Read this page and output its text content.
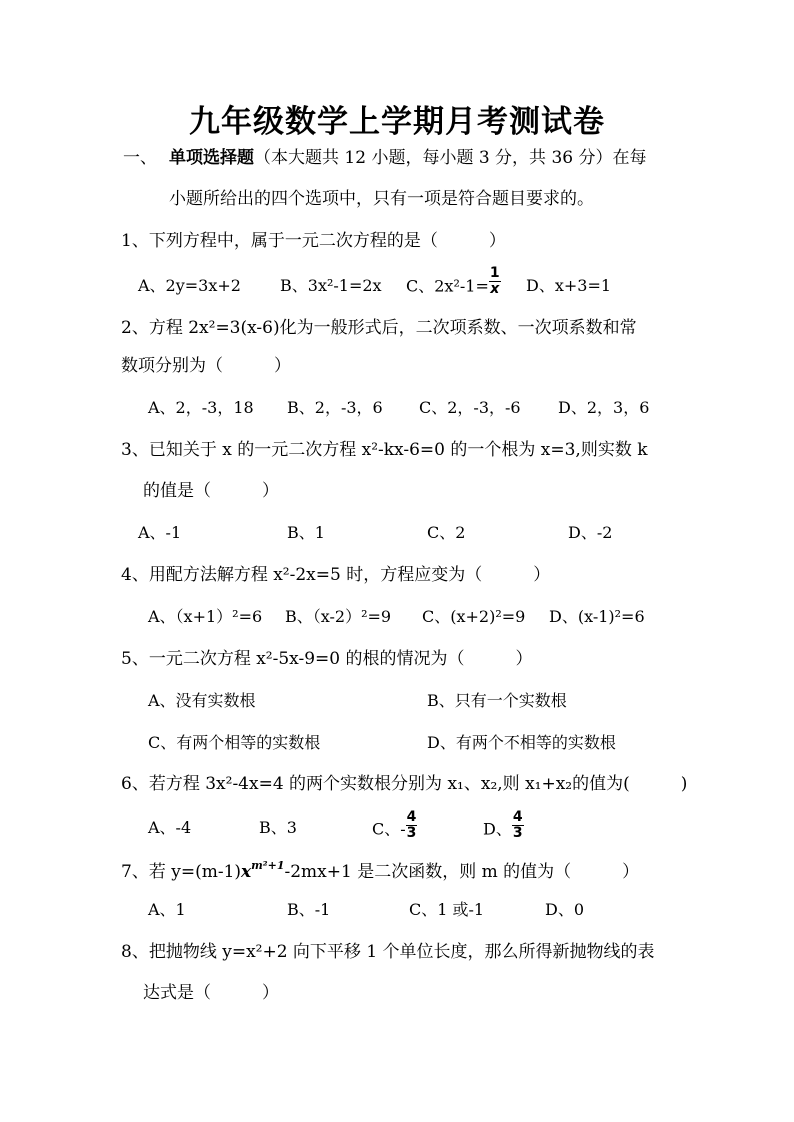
九年级数学上学期月考测试卷
一、 单项选择题（本大题共 12 小题，每小题 3 分，共 36 分）在每
小题所给出的四个选项中，只有一项是符合题目要求的。
1、下列方程中，属于一元二次方程的是（　　　）
A、2y=3x+2 B、3x²-1=2x C、$2x^2-1= \frac{1}{x}$ D、x+3=1
2、方程 2x²=3(x-6)化为一般形式后，二次项系数、一次项系数和常
数项分别为（　　　）
A、2，-3，18 B、2，-3，6 C、2，-3，-6 D、2，3，6
3、已知关于 x 的一元二次方程 x²-kx-6=0 的一个根为 x=3,则实数 k
的值是（　　　）
A、-1	B、1	C、2	D、-2
4、用配方法解方程 x²-2x=5 时，方程应变为（　　　）
A、（x+1）²=6 B、（x-2）²=9 C、(x+2)²=9 D、(x-1)²=6
5、一元二次方程 x²-5x-9=0 的根的情况为（　　　）
A、没有实数根	B、只有一个实数根
C、有两个相等的实数根	D、有两个不相等的实数根
6、若方程 3x²-4x=4 的两个实数根分别为 x₁、x₂,则 x₁+x₂的值为(　　　)
A、-4	B、3	C、- $\frac{4}{3}$	D、 $\frac{4}{3}$
7、若 $y=(m-1)x^{m^2+1}-2mx+1$ 是二次函数，则 m 的值为（　　　）
A、1	B、-1	C、1 或-1	D、0
8、把抛物线 y=x²+2 向下平移 1 个单位长度，那么所得新抛物线的表
达式是（　　　）
